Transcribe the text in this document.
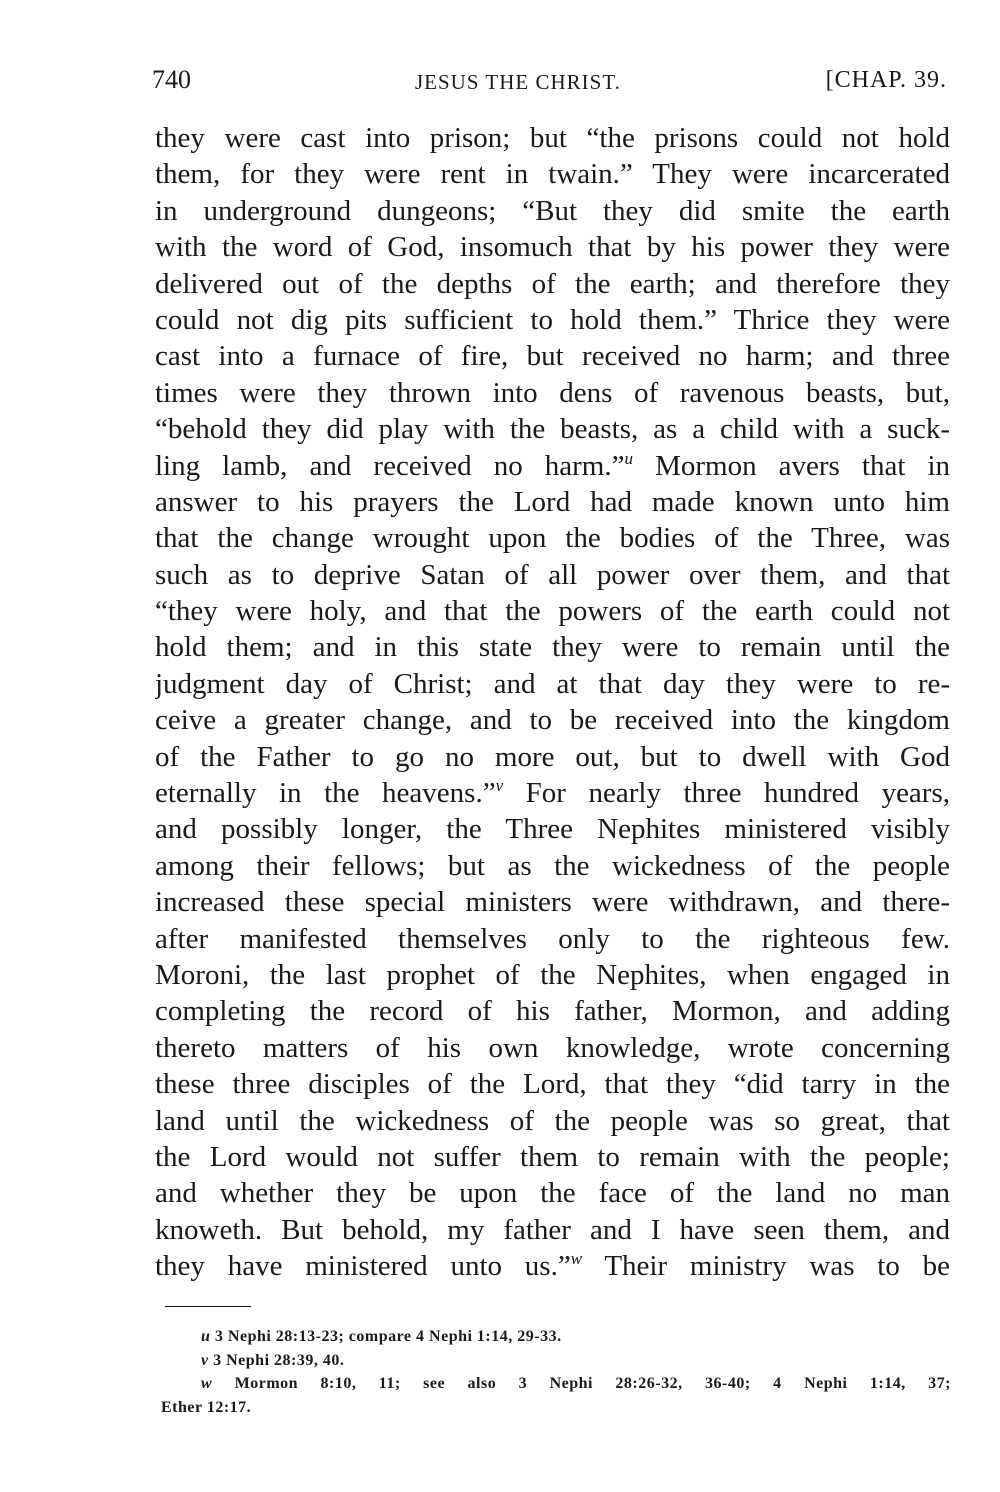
740	JESUS THE CHRIST.	[CHAP. 39.
they were cast into prison; but “the prisons could not hold
them, for they were rent in twain.” They were incarcerated
in underground dungeons; “But they did smite the earth
with the word of God, insomuch that by his power they were
delivered out of the depths of the earth; and therefore they
could not dig pits sufficient to hold them.” Thrice they were
cast into a furnace of fire, but received no harm; and three
times were they thrown into dens of ravenous beasts, but,
“behold they did play with the beasts, as a child with a suck-
ling lamb, and received no harm.”$^u$ Mormon avers that in
answer to his prayers the Lord had made known unto him
that the change wrought upon the bodies of the Three, was
such as to deprive Satan of all power over them, and that
“they were holy, and that the powers of the earth could not
hold them; and in this state they were to remain until the
judgment day of Christ; and at that day they were to re-
ceive a greater change, and to be received into the kingdom
of the Father to go no more out, but to dwell with God
eternally in the heavens.”$^v$ For nearly three hundred years,
and possibly longer, the Three Nephites ministered visibly
among their fellows; but as the wickedness of the people
increased these special ministers were withdrawn, and there-
after manifested themselves only to the righteous few.
Moroni, the last prophet of the Nephites, when engaged in
completing the record of his father, Mormon, and adding
thereto matters of his own knowledge, wrote concerning
these three disciples of the Lord, that they “did tarry in the
land until the wickedness of the people was so great, that
the Lord would not suffer them to remain with the people;
and whether they be upon the face of the land no man
knoweth. But behold, my father and I have seen them, and
they have ministered unto us.”$^w$ Their ministry was to be
u 3 Nephi 28:13-23; compare 4 Nephi 1:14, 29-33.
v 3 Nephi 28:39, 40.
w Mormon 8:10, 11; see also 3 Nephi 28:26-32, 36-40; 4 Nephi 1:14, 37;
Ether 12:17.
